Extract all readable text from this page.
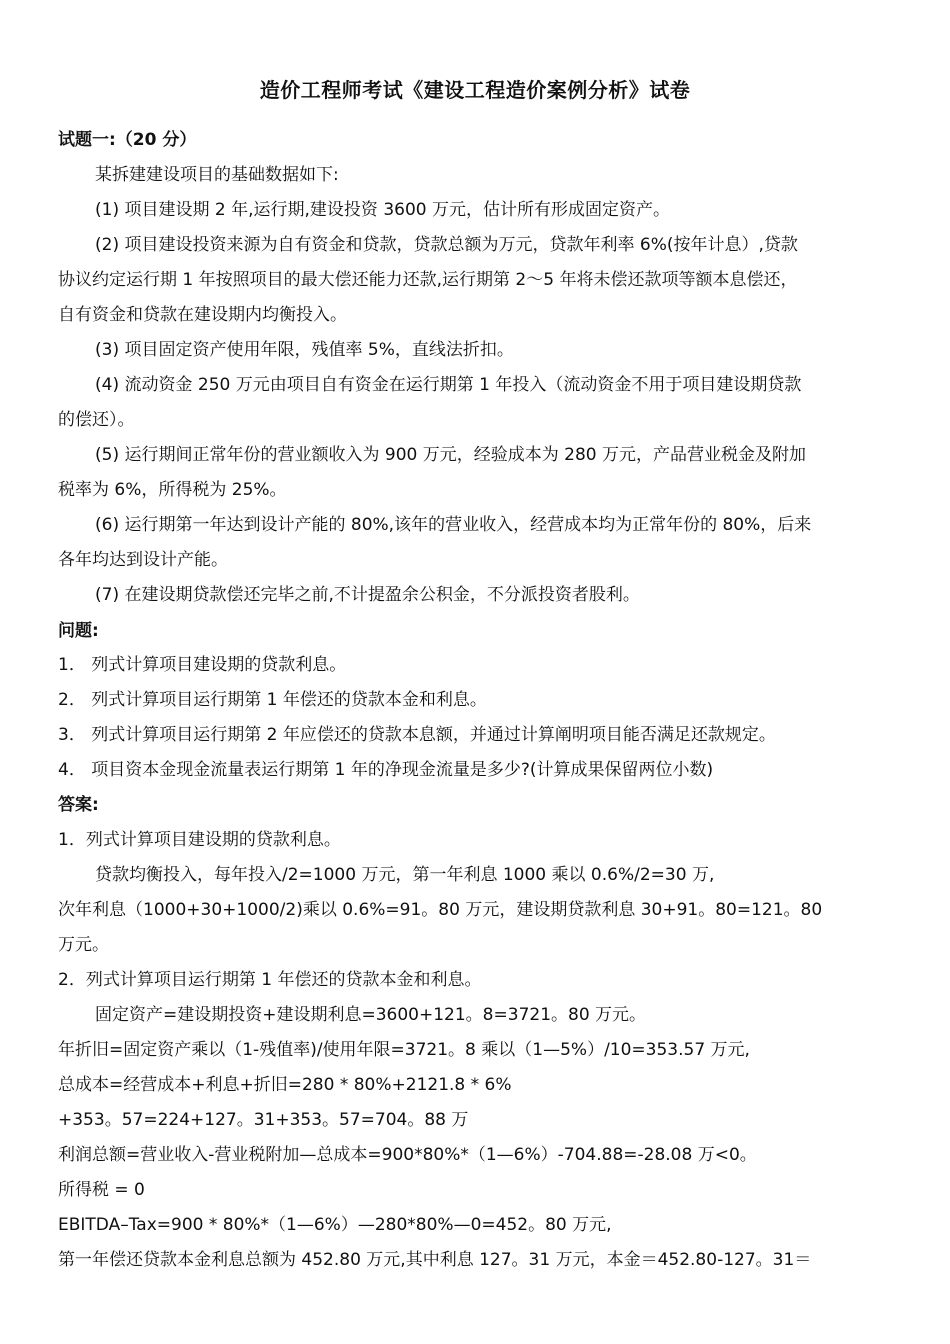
造价工程师考试《建设工程造价案例分析》试卷
试题一:（20 分）
某拆建建设项目的基础数据如下:
(1) 项目建设期 2 年,运行期,建设投资 3600 万元，估计所有形成固定资产。
(2) 项目建设投资来源为自有资金和贷款，贷款总额为万元，贷款年利率 6%(按年计息）,贷款
协议约定运行期 1 年按照项目的最大偿还能力还款,运行期第 2～5 年将未偿还款项等额本息偿还，
自有资金和贷款在建设期内均衡投入。
(3) 项目固定资产使用年限，残值率 5%，直线法折扣。
(4) 流动资金 250 万元由项目自有资金在运行期第 1 年投入（流动资金不用于项目建设期贷款
的偿还）。
(5) 运行期间正常年份的营业额收入为 900 万元，经验成本为 280 万元，产品营业税金及附加
税率为 6%，所得税为 25%。
(6) 运行期第一年达到设计产能的 80%,该年的营业收入，经营成本均为正常年份的 80%，后来
各年均达到设计产能。
(7) 在建设期贷款偿还完毕之前,不计提盈余公积金，不分派投资者股利。
问题:
1． 列式计算项目建设期的贷款利息。
2． 列式计算项目运行期第 1 年偿还的贷款本金和利息。
3． 列式计算项目运行期第 2 年应偿还的贷款本息额，并通过计算阐明项目能否满足还款规定。
4． 项目资本金现金流量表运行期第 1 年的净现金流量是多少?(计算成果保留两位小数)
答案:
1．列式计算项目建设期的贷款利息。
贷款均衡投入，每年投入/2=1000 万元，第一年利息 1000 乘以 0.6%/2=30 万,
次年利息（1000+30+1000/2)乘以 0.6%=91。80 万元，建设期贷款利息 30+91。80=121。80
万元。
2．列式计算项目运行期第 1 年偿还的贷款本金和利息。
固定资产=建设期投资+建设期利息=3600+121。8=3721。80 万元。
年折旧=固定资产乘以（1-残值率)/使用年限=3721。8 乘以（1—5%）/10=353.57 万元,
总成本=经营成本+利息+折旧=280 * 80%+2121.8 * 6%
+353。57=224+127。31+353。57=704。88 万
利润总额=营业收入-营业税附加—总成本=900*80%*（1—6%）-704.88=-28.08 万<0。
所得税 = 0
EBITDA–Tax=900 * 80%*（1—6%）—280*80%—0=452。80 万元,
第一年偿还贷款本金利息总额为 452.80 万元,其中利息 127。31 万元，本金＝452.80-127。31＝
